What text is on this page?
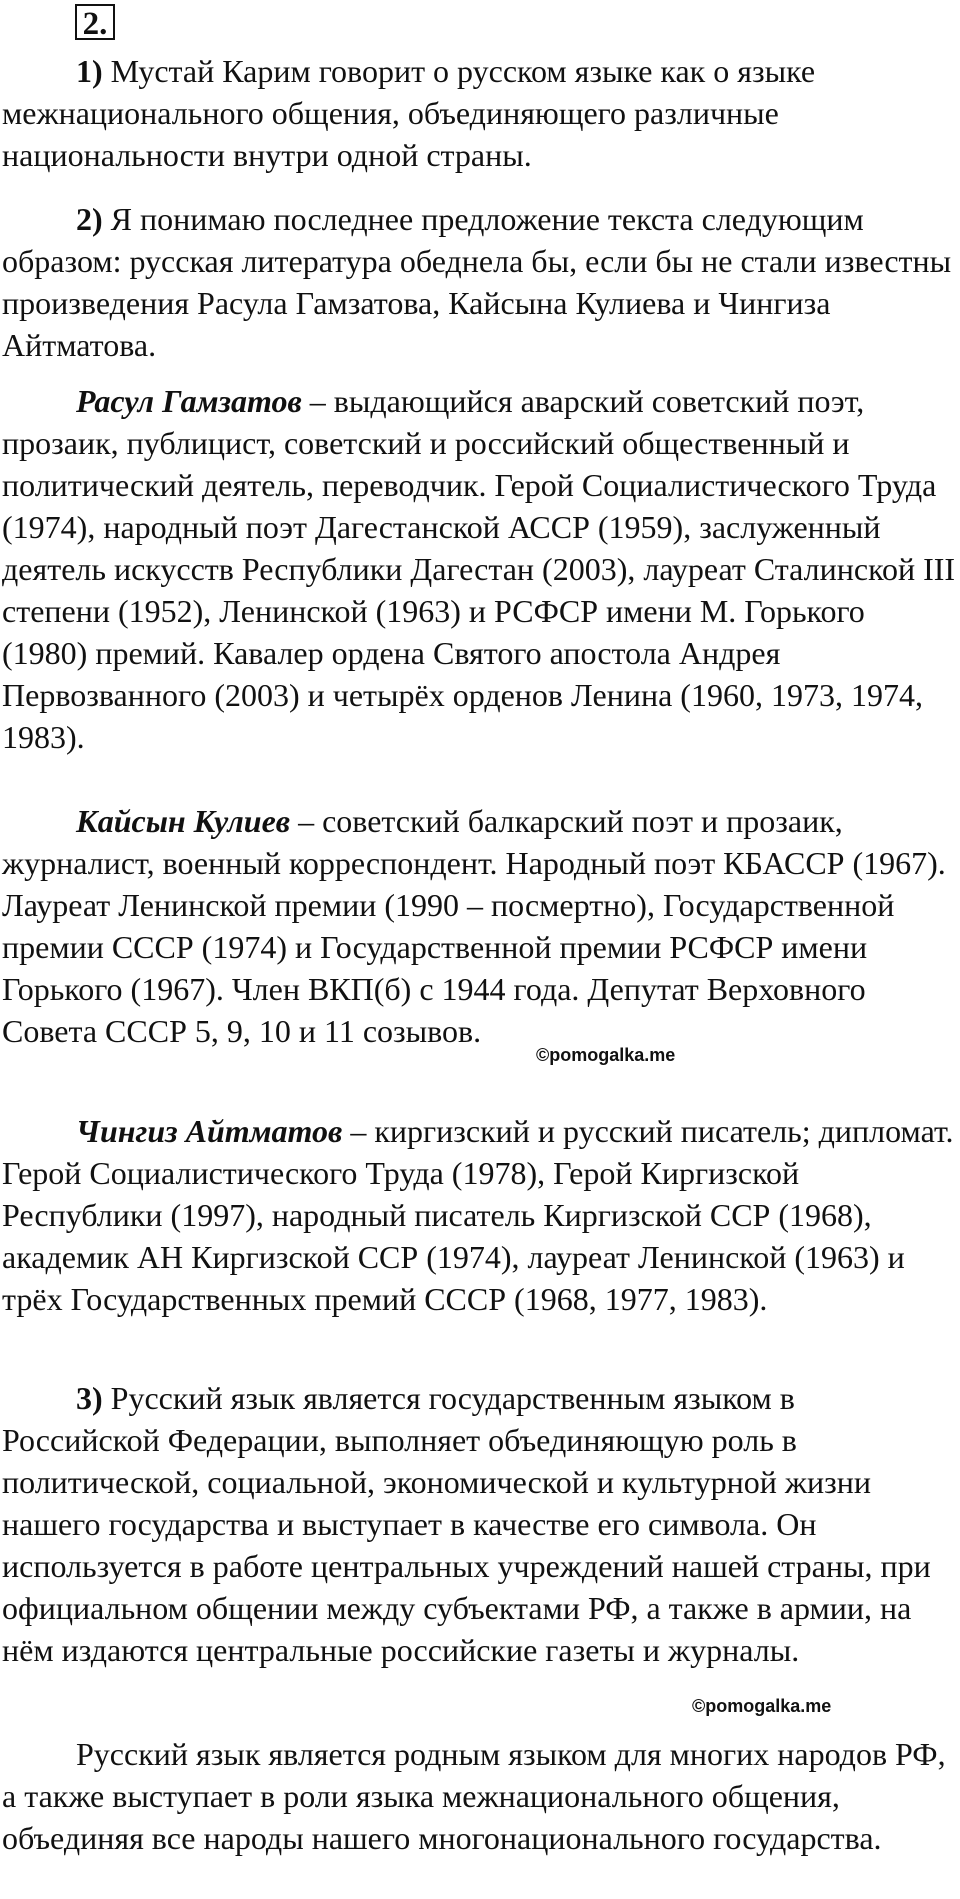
2.

1) Мустай Карим говорит о русском языке как о языке межнационального общения, объединяющего различные национальности внутри одной страны.

2) Я понимаю последнее предложение текста следующим образом: русская литература обеднела бы, если бы не стали известны произведения Расула Гамзатова, Кайсына Кулиева и Чингиза Айтматова.

Расул Гамзатов – выдающийся аварский советский поэт, прозаик, публицист, советский и российский общественный и политический деятель, переводчик. Герой Социалистического Труда (1974), народный поэт Дагестанской АССР (1959), заслуженный деятель искусств Республики Дагестан (2003), лауреат Сталинской III степени (1952), Ленинской (1963) и РСФСР имени М. Горького (1980) премий. Кавалер ордена Святого апостола Андрея Первозванного (2003) и четырёх орденов Ленина (1960, 1973, 1974, 1983).

Кайсын Кулиев – советский балкарский поэт и прозаик, журналист, военный корреспондент. Народный поэт КБАССР (1967). Лауреат Ленинской премии (1990 – посмертно), Государственной премии СССР (1974) и Государственной премии РСФСР имени Горького (1967). Член ВКП(б) с 1944 года. Депутат Верховного Совета СССР 5, 9, 10 и 11 созывов.

Чингиз Айтматов – киргизский и русский писатель; дипломат. Герой Социалистического Труда (1978), Герой Киргизской Республики (1997), народный писатель Киргизской ССР (1968), академик АН Киргизской ССР (1974), лауреат Ленинской (1963) и трёх Государственных премий СССР (1968, 1977, 1983).

3) Русский язык является государственным языком в Российской Федерации, выполняет объединяющую роль в политической, социальной, экономической и культурной жизни нашего государства и выступает в качестве его символа. Он используется в работе центральных учреждений нашей страны, при официальном общении между субъектами РФ, а также в армии, на нём издаются центральные российские газеты и журналы.

Русский язык является родным языком для многих народов РФ, а также выступает в роли языка межнационального общения, объединяя все народы нашего многонационального государства.

©pomogalka.me
©pomogalka.me
